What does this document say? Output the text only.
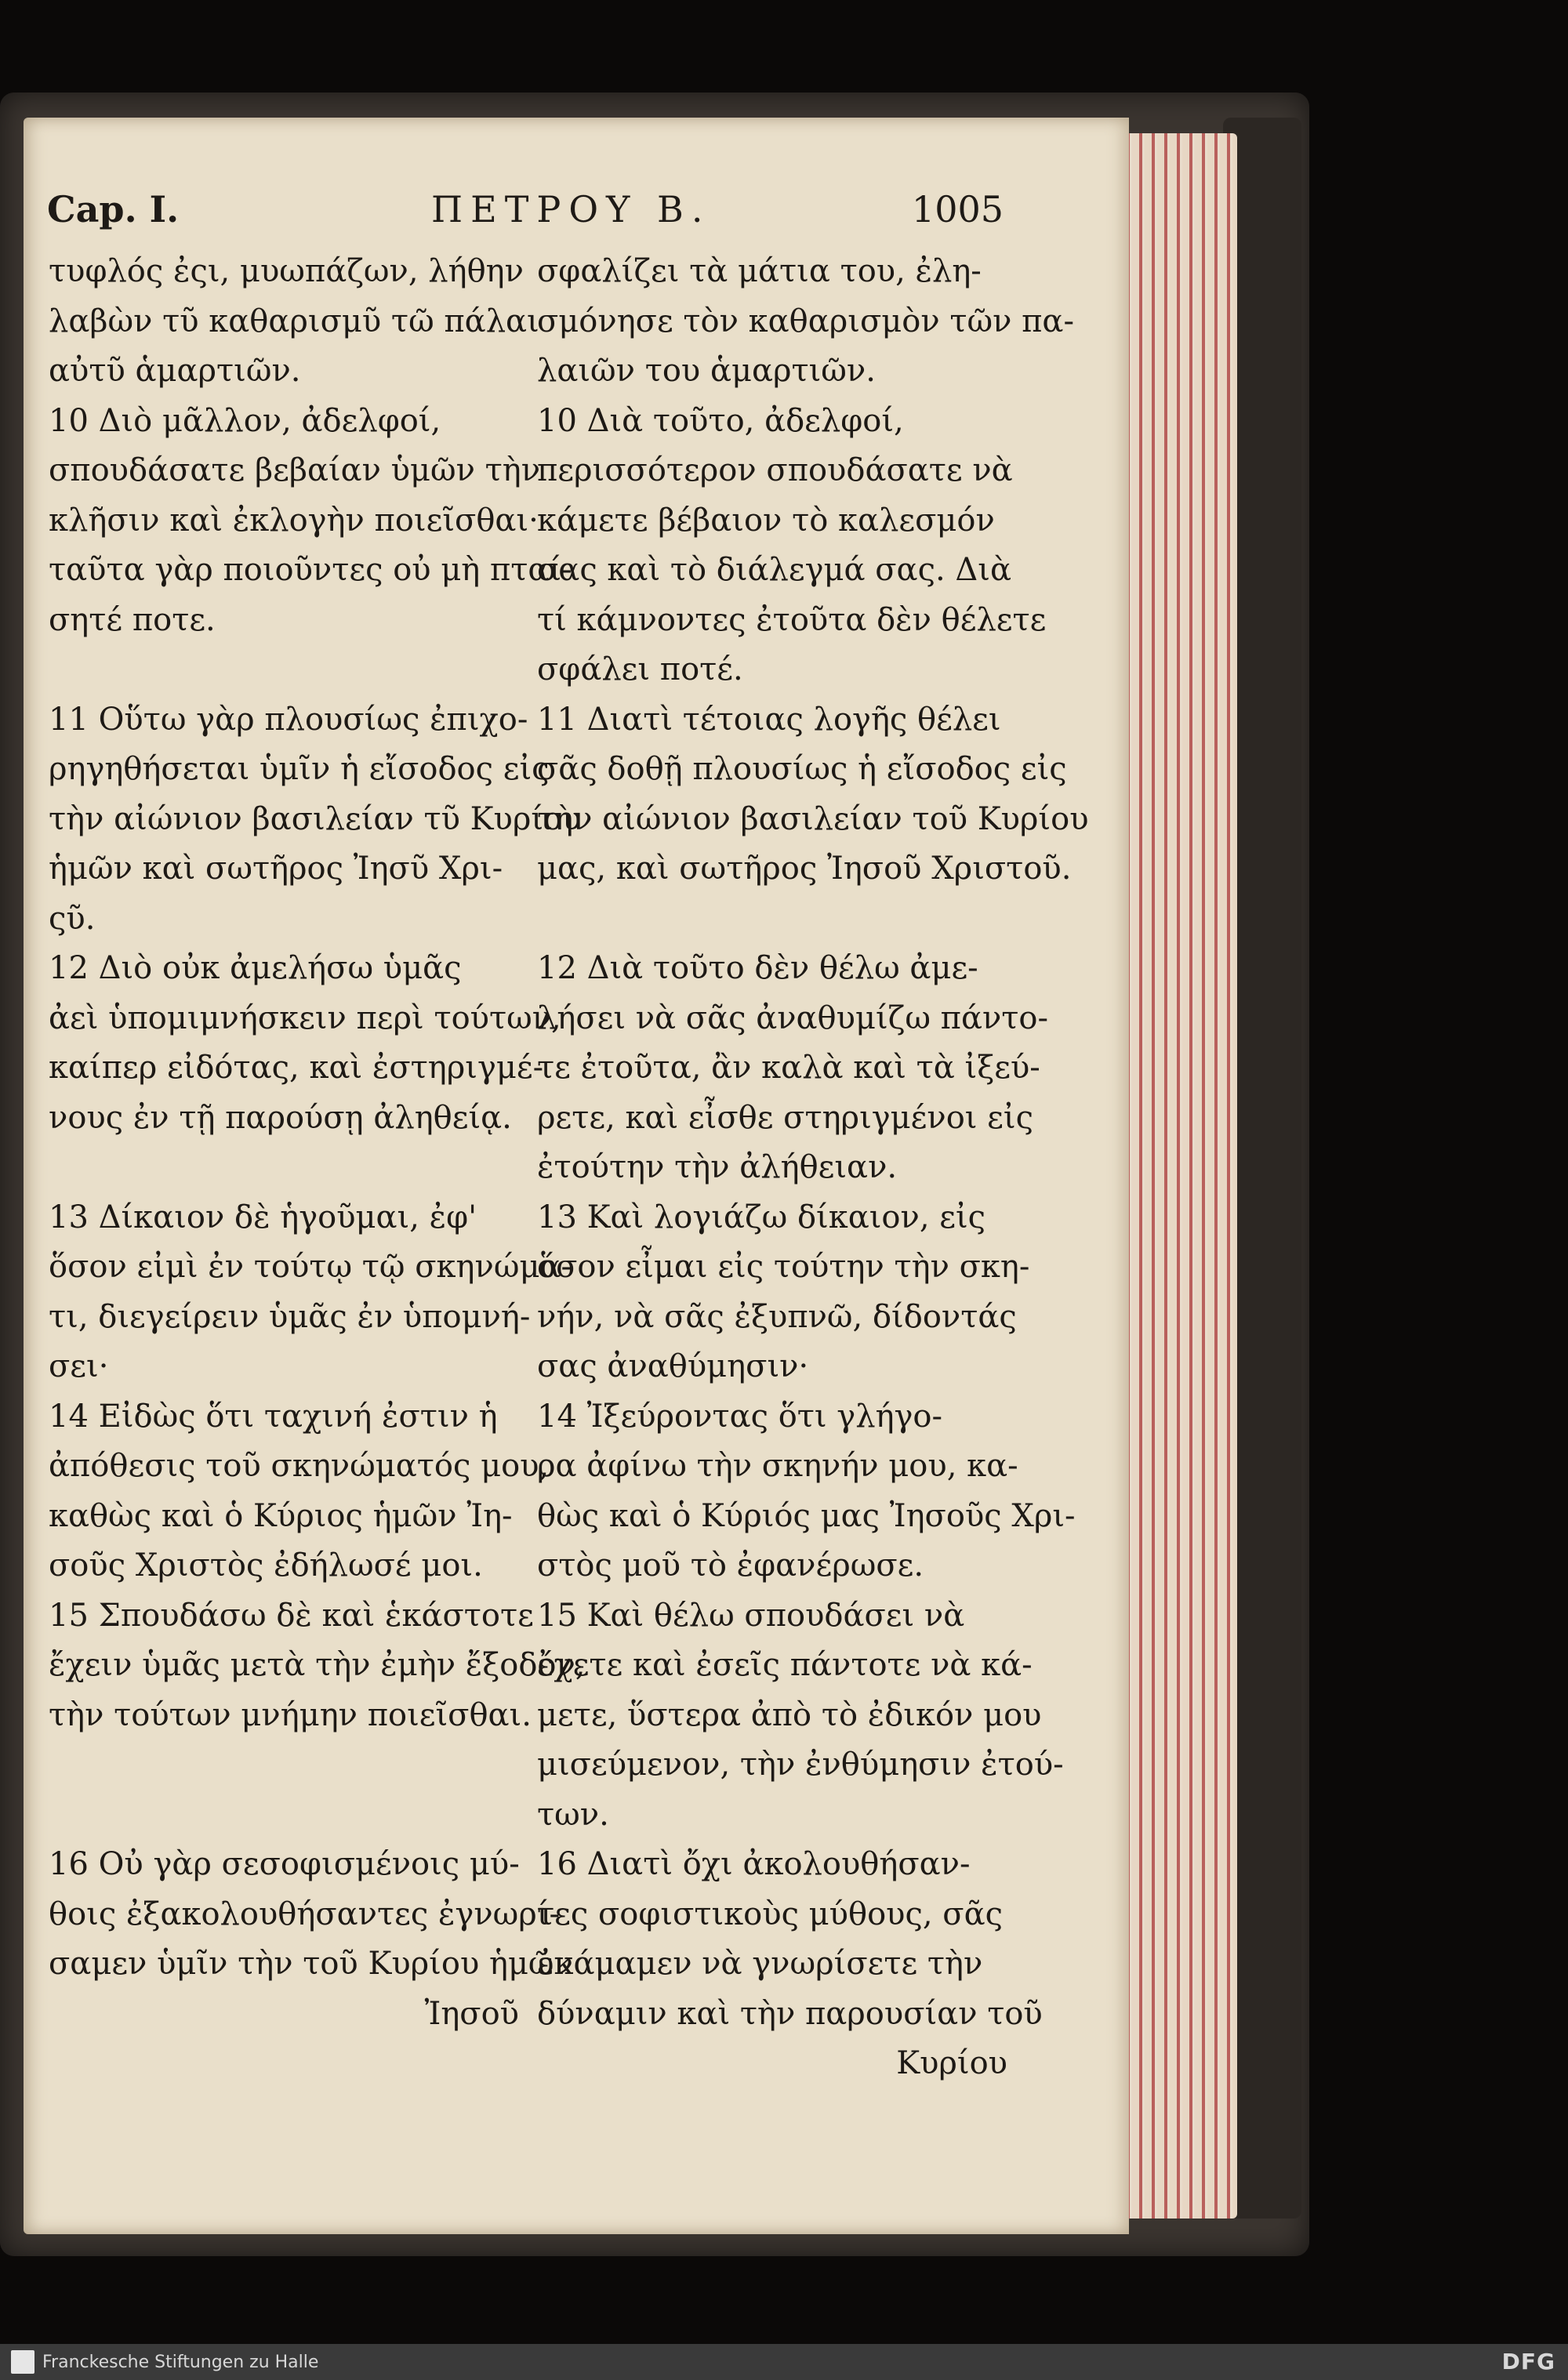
Cap. I.	ΠΕΤΡΟΥ Β.	1005
τυφλός ἐςι, μυωπάζων, λήθην
λαβὼν τῦ καθαρισμῦ τῶ πάλαι
αὐτῦ ἁμαρτιῶν.
10 Διὸ μᾶλλον, ἀδελφοί,
σπουδάσατε βεβαίαν ὑμῶν τὴν
κλῆσιν καὶ ἐκλογὴν ποιεῖσθαι·
ταῦτα γὰρ ποιοῦντες οὐ μὴ πταί-
σητέ ποτε.

11 Οὕτω γὰρ πλουσίως ἐπιχο-
ρηγηθήσεται ὑμῖν ἡ εἴσοδος εἰς
τὴν αἰώνιον βασιλείαν τῦ Κυρίου
ἡμῶν καὶ σωτῆρος Ἰησῦ Χρι-
ςῦ.
12 Διὸ οὐκ ἀμελήσω ὑμᾶς
ἀεὶ ὑπομιμνήσκειν περὶ τούτων,
καίπερ εἰδότας, καὶ ἐστηριγμέ-
νους ἐν τῇ παρούσῃ ἀληθείᾳ.

13 Δίκαιον δὲ ἡγοῦμαι, ἐφ'
ὅσον εἰμὶ ἐν τούτῳ τῷ σκηνώμα-
τι, διεγείρειν ὑμᾶς ἐν ὑπομνή-
σει·
14 Εἰδὼς ὅτι ταχινή ἐστιν ἡ
ἀπόθεσις τοῦ σκηνώματός μου,
καθὼς καὶ ὁ Κύριος ἡμῶν Ἰη-
σοῦς Χριστὸς ἐδήλωσέ μοι.
15 Σπουδάσω δὲ καὶ ἑκάστοτε
ἔχειν ὑμᾶς μετὰ τὴν ἐμὴν ἔξοδον,
τὴν τούτων μνήμην ποιεῖσθαι.

16 Οὐ γὰρ σεσοφισμένοις μύ-
θοις ἐξακολουθήσαντες ἐγνωρί-
σαμεν ὑμῖν τὴν τοῦ Κυρίου ἡμῶν
Ἰησοῦ
σφαλίζει τὰ μάτια του, ἐλη-
σμόνησε τὸν καθαρισμὸν τῶν πα-
λαιῶν του ἁμαρτιῶν.
10 Διὰ τοῦτο, ἀδελφοί,
περισσότερον σπουδάσατε νὰ
κάμετε βέβαιον τὸ καλεσμόν
σας καὶ τὸ διάλεγμά σας. Διὰ
τί κάμνοντες ἐτοῦτα δὲν θέλετε
σφάλει ποτέ.
11 Διατὶ τέτοιας λογῆς θέλει
σᾶς δοθῇ πλουσίως ἡ εἴσοδος εἰς
τὴν αἰώνιον βασιλείαν τοῦ Κυρίου
μας, καὶ σωτῆρος Ἰησοῦ Χριστοῦ.

12 Διὰ τοῦτο δὲν θέλω ἀμε-
λήσει νὰ σᾶς ἀναθυμίζω πάντο-
τε ἐτοῦτα, ἂν καλὰ καὶ τὰ ἰξεύ-
ρετε, καὶ εἶσθε στηριγμένοι εἰς
ἐτούτην τὴν ἀλήθειαν.
13 Καὶ λογιάζω δίκαιον, εἰς
ὅσον εἶμαι εἰς τούτην τὴν σκη-
νήν, νὰ σᾶς ἐξυπνῶ, δίδοντάς
σας ἀναθύμησιν·
14 Ἰξεύροντας ὅτι γλήγο-
ρα ἀφίνω τὴν σκηνήν μου, κα-
θὼς καὶ ὁ Κύριός μας Ἰησοῦς Χρι-
στὸς μοῦ τὸ ἐφανέρωσε.
15 Καὶ θέλω σπουδάσει νὰ
ἔχετε καὶ ἐσεῖς πάντοτε νὰ κά-
μετε, ὕστερα ἀπὸ τὸ ἐδικόν μου
μισεύμενον, τὴν ἐνθύμησιν ἐτού-
των.
16 Διατὶ ὄχι ἀκολουθήσαν-
τες σοφιστικοὺς μύθους, σᾶς
ἐκάμαμεν νὰ γνωρίσετε τὴν
δύναμιν καὶ τὴν παρουσίαν τοῦ
Κυρίου
Franckesche Stiftungen zu Halle	DFG
